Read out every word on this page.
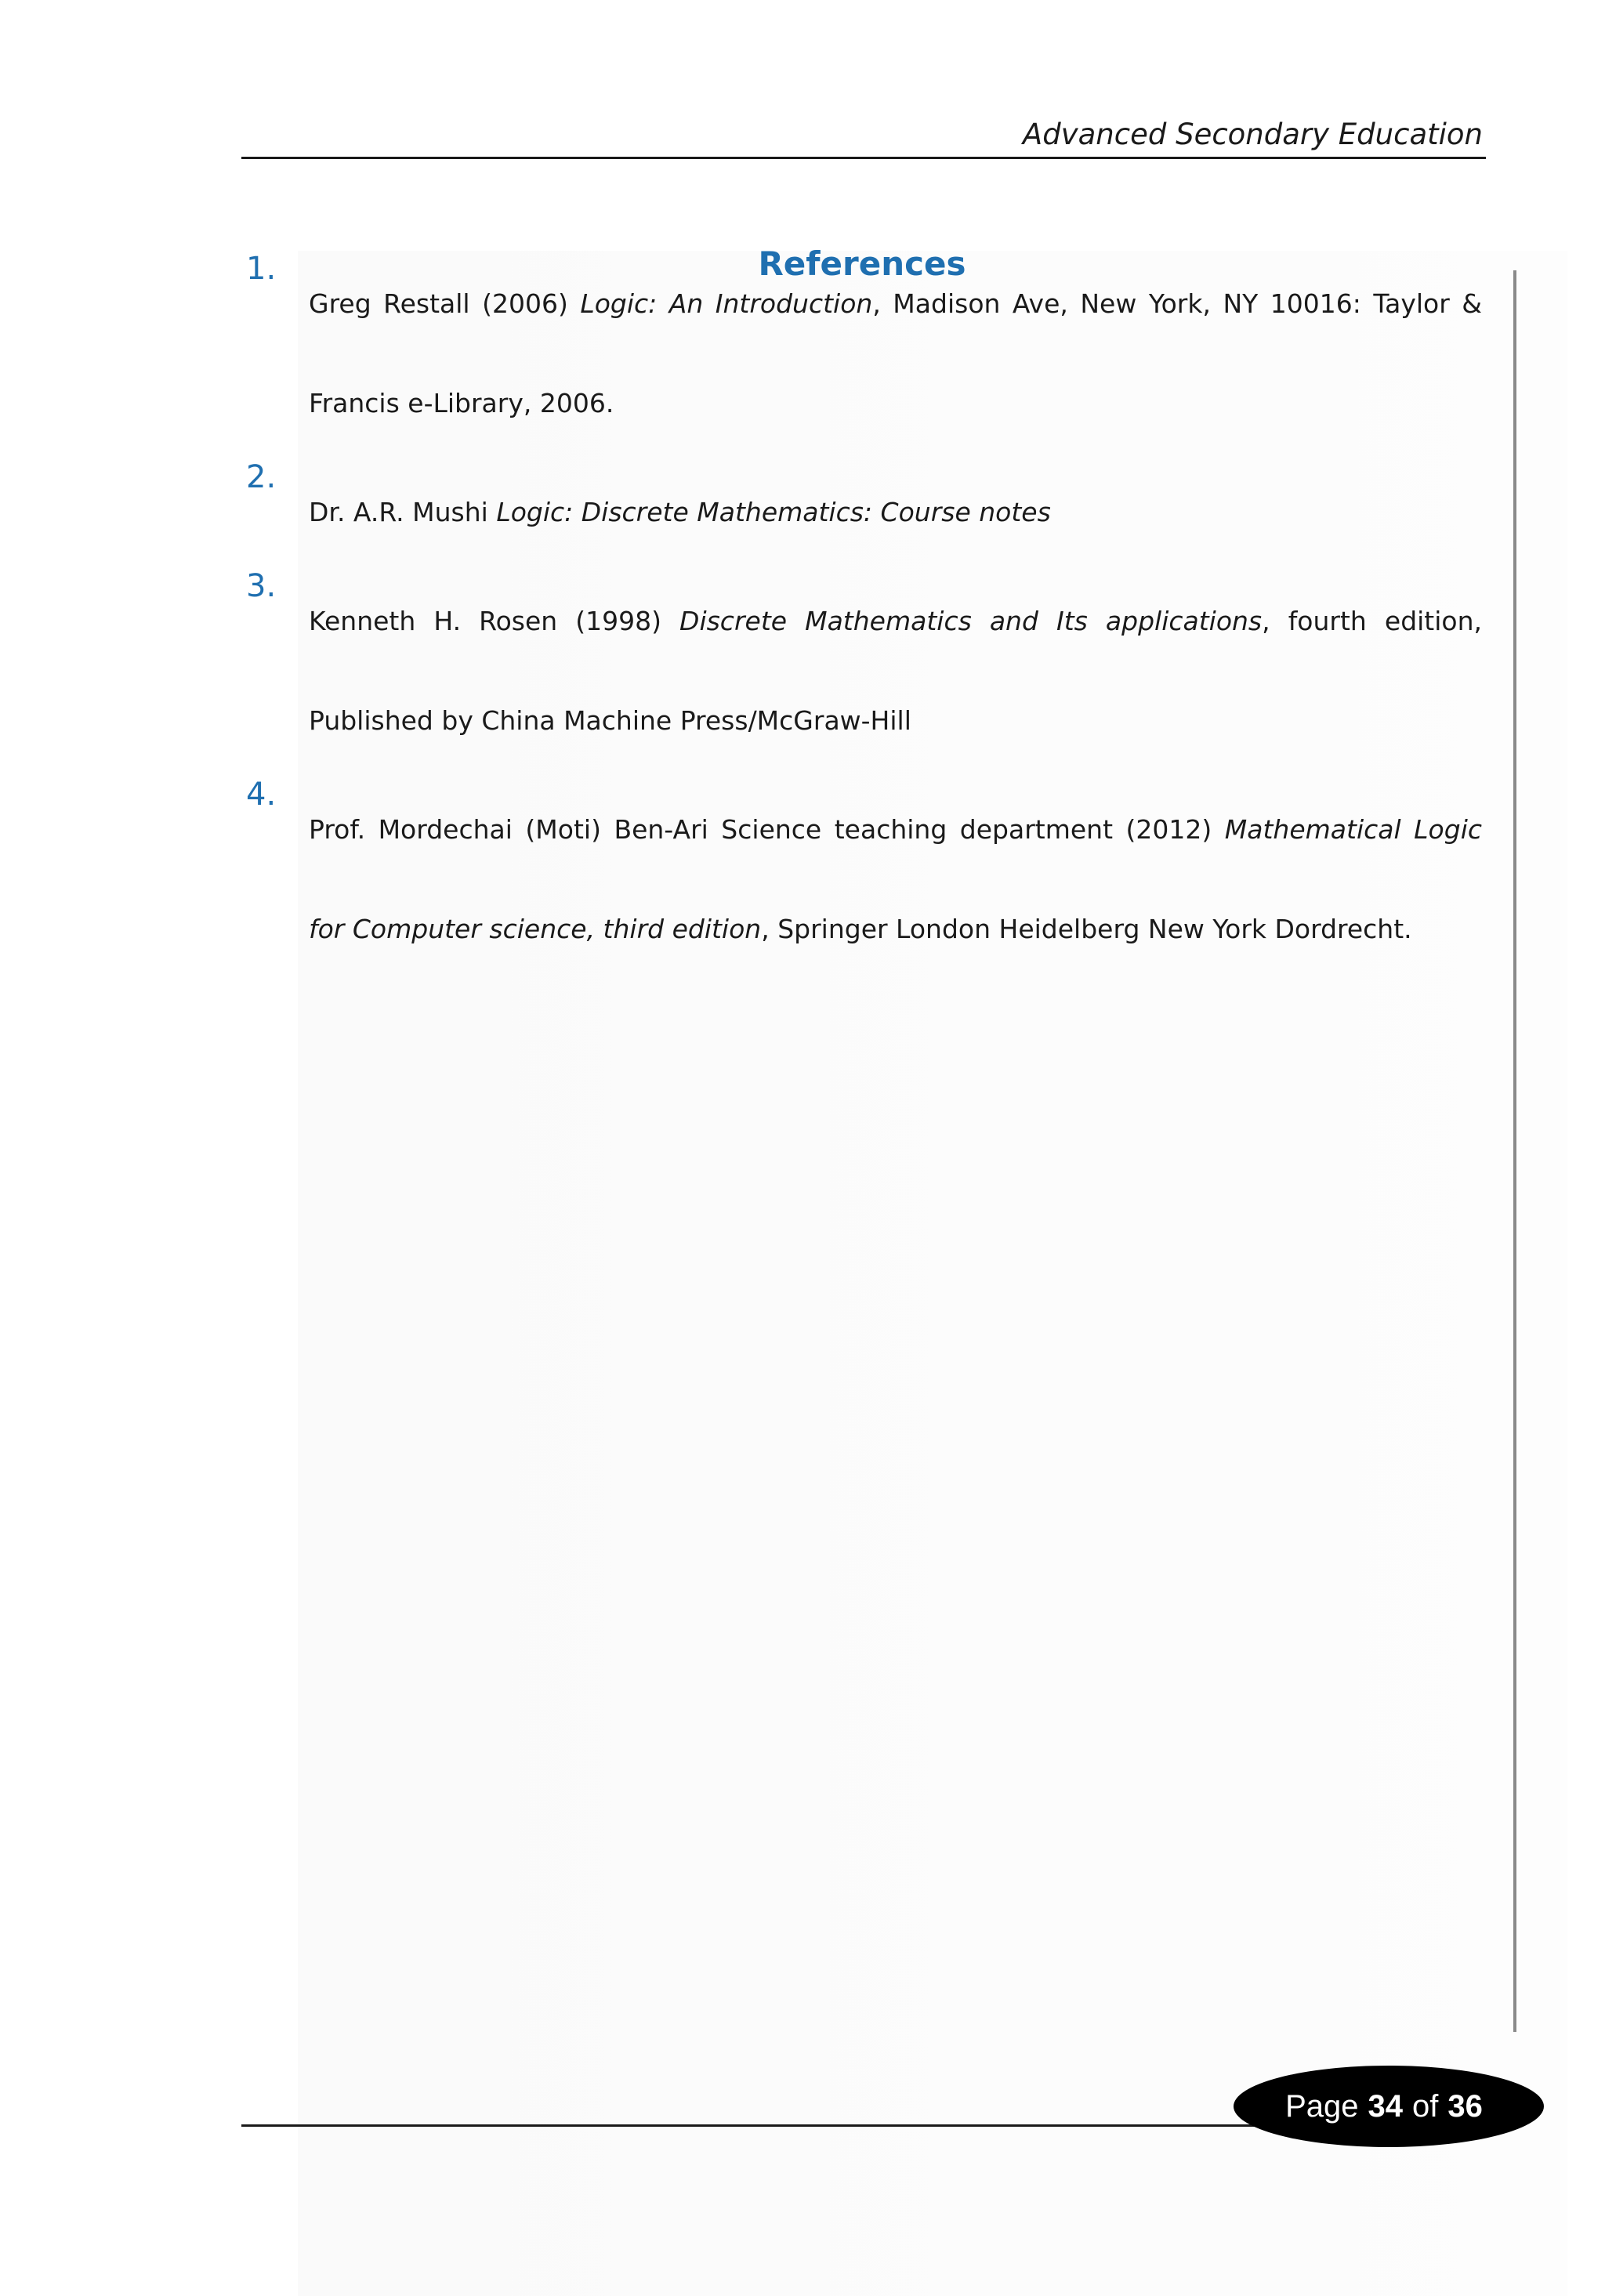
Advanced Secondary Education
References
1.
Greg Restall (2006) Logic: An Introduction, Madison Ave, New York, NY 10016: Taylor & Francis e-Library, 2006.
2.
Dr. A.R. Mushi Logic: Discrete Mathematics: Course notes
3.
Kenneth H. Rosen (1998) Discrete Mathematics and Its applications, fourth edition, Published by China Machine Press/McGraw-Hill
4.
Prof. Mordechai (Moti) Ben-Ari Science teaching department (2012) Mathematical Logic for Computer science, third edition, Springer London Heidelberg New York Dordrecht.
Page 34 of 36
